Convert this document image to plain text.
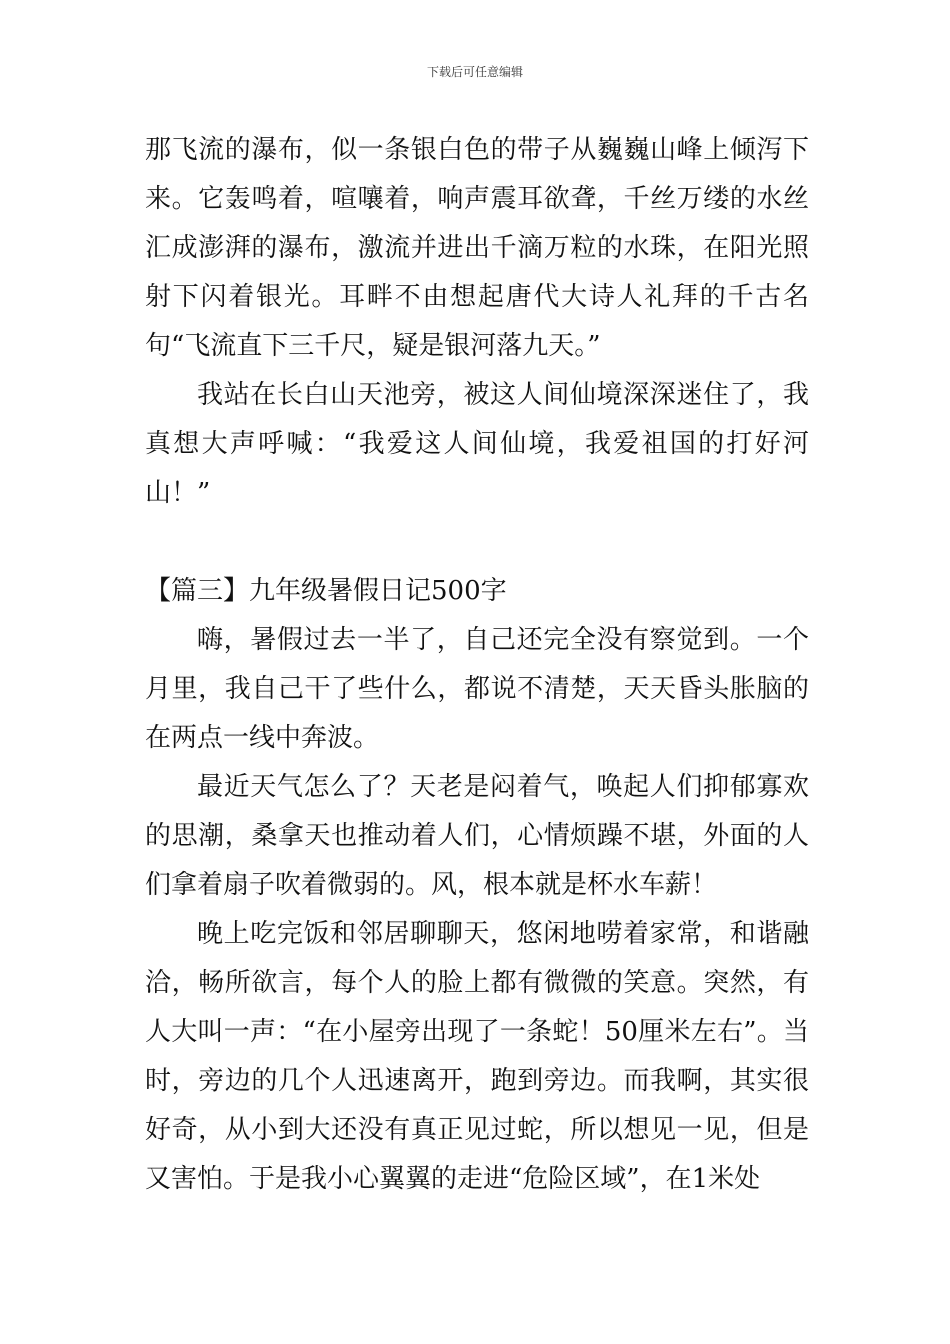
下载后可任意编辑

那飞流的瀑布，似一条银白色的带子从巍巍山峰上倾泻下来。它轰鸣着，喧嚷着，响声震耳欲聋，千丝万缕的水丝汇成澎湃的瀑布，激流并进出千滴万粒的水珠，在阳光照射下闪着银光。耳畔不由想起唐代大诗人礼拜的千古名句“飞流直下三千尺，疑是银河落九天。”

我站在长白山天池旁，被这人间仙境深深迷住了，我真想大声呼喊：“我爱这人间仙境，我爱祖国的打好河山！”

【篇三】九年级暑假日记500字

嗨，暑假过去一半了，自己还完全没有察觉到。一个月里，我自己干了些什么，都说不清楚，天天昏头胀脑的在两点一线中奔波。

最近天气怎么了？天老是闷着气，唤起人们抑郁寡欢的思潮，桑拿天也推动着人们，心情烦躁不堪，外面的人们拿着扇子吹着微弱的。风，根本就是杯水车薪！

晚上吃完饭和邻居聊聊天，悠闲地唠着家常，和谐融洽，畅所欲言，每个人的脸上都有微微的笑意。突然，有人大叫一声：“在小屋旁出现了一条蛇！50厘米左右”。当时，旁边的几个人迅速离开，跑到旁边。而我啊，其实很好奇，从小到大还没有真正见过蛇，所以想见一见，但是又害怕。于是我小心翼翼的走进“危险区域”，在1米处
